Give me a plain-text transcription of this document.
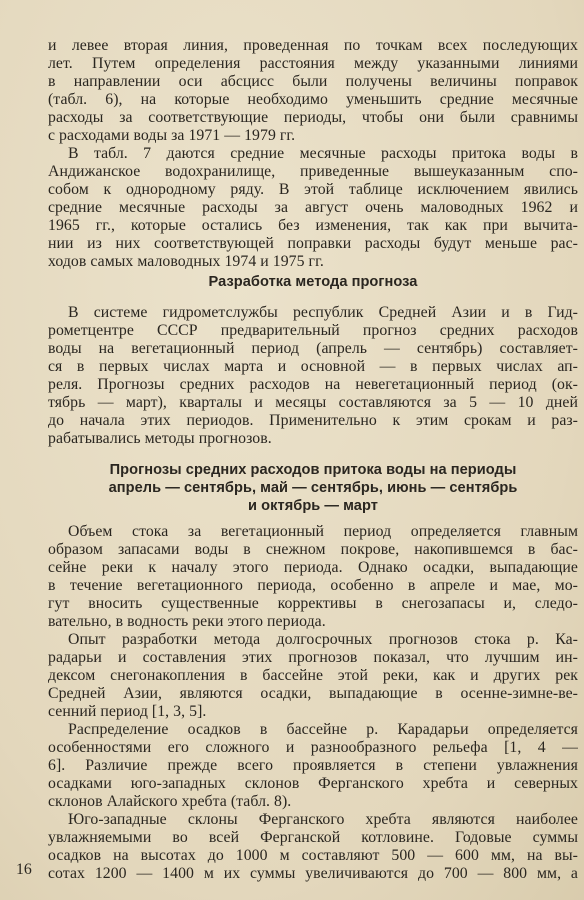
и левее вторая линия, проведенная по точкам всех последующих
лет. Путем определения расстояния между указанными линиями
в направлении оси абсцисс были получены величины поправок
(табл. 6), на которые необходимо уменьшить средние месячные
расходы за соответствующие периоды, чтобы они были сравнимы
с расходами воды за 1971 — 1979 гг.
В табл. 7 даются средние месячные расходы притока воды в
Андижанское водохранилище, приведенные вышеуказанным спо-
собом к однородному ряду. В этой таблице исключением явились
средние месячные расходы за август очень маловодных 1962 и
1965 гг., которые остались без изменения, так как при вычита-
нии из них соответствующей поправки расходы будут меньше рас-
ходов самых маловодных 1974 и 1975 гг.
Разработка метода прогноза
В системе гидрометслужбы республик Средней Азии и в Гид-
рометцентре СССР предварительный прогноз средних расходов
воды на вегетационный период (апрель — сентябрь) составляет-
ся в первых числах марта и основной — в первых числах ап-
реля. Прогнозы средних расходов на невегетационный период (ок-
тябрь — март), кварталы и месяцы составляются за 5 — 10 дней
до начала этих периодов. Применительно к этим срокам и раз-
рабатывались методы прогнозов.
Прогнозы средних расходов притока воды на периоды
апрель — сентябрь, май — сентябрь, июнь — сентябрь
и октябрь — март
Объем стока за вегетационный период определяется главным
образом запасами воды в снежном покрове, накопившемся в бас-
сейне реки к началу этого периода. Однако осадки, выпадающие
в течение вегетационного периода, особенно в апреле и мае, мо-
гут вносить существенные коррективы в снегозапасы и, следо-
вательно, в водность реки этого периода.
Опыт разработки метода долгосрочных прогнозов стока р. Ка-
радарьи и составления этих прогнозов показал, что лучшим ин-
дексом снегонакопления в бассейне этой реки, как и других рек
Средней Азии, являются осадки, выпадающие в осенне-зимне-ве-
сенний период [1, 3, 5].
Распределение осадков в бассейне р. Карадарьи определяется
особенностями его сложного и разнообразного рельефа [1, 4 —
6]. Различие прежде всего проявляется в степени увлажнения
осадками юго-западных склонов Ферганского хребта и северных
склонов Алайского хребта (табл. 8).
Юго-западные склоны Ферганского хребта являются наиболее
увлажняемыми во всей Ферганской котловине. Годовые суммы
осадков на высотах до 1000 м составляют 500 — 600 мм, на вы-
сотах 1200 — 1400 м их суммы увеличиваются до 700 — 800 мм, а
16
